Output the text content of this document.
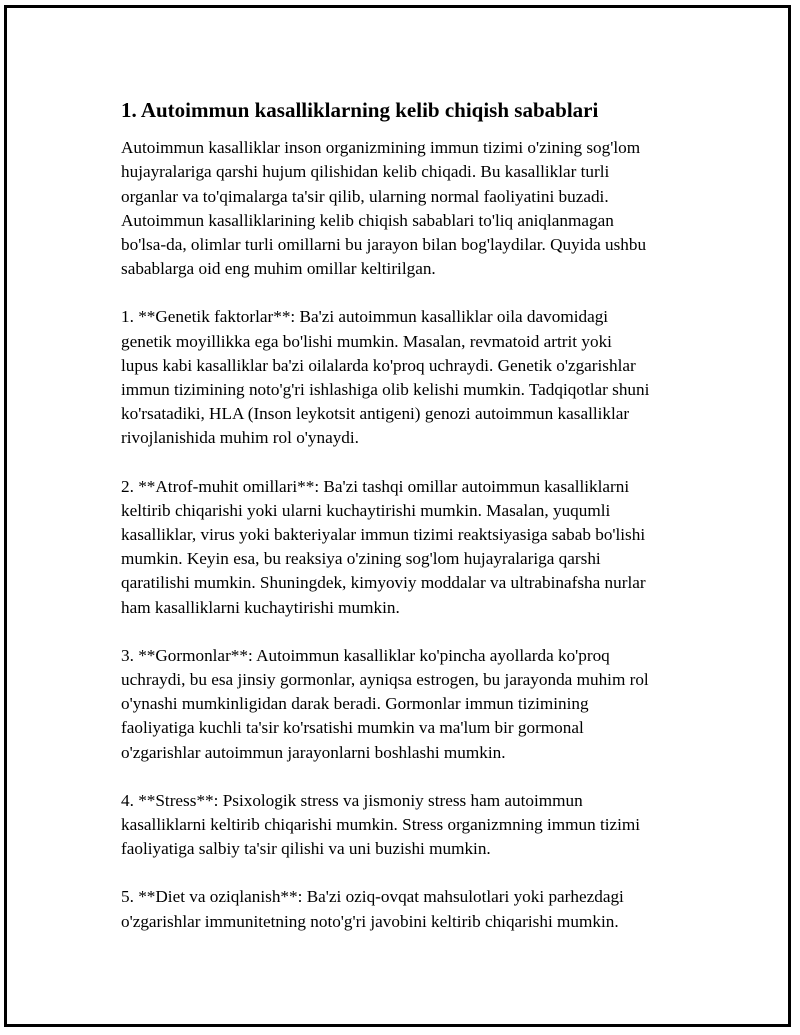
1. Autoimmun kasalliklarning kelib chiqish sabablari

Autoimmun kasalliklar inson organizmining immun tizimi o'zining sog'lom
hujayralariga qarshi hujum qilishidan kelib chiqadi. Bu kasalliklar turli
organlar va to'qimalarga ta'sir qilib, ularning normal faoliyatini buzadi.
Autoimmun kasalliklarining kelib chiqish sabablari to'liq aniqlanmagan
bo'lsa-da, olimlar turli omillarni bu jarayon bilan bog'laydilar. Quyida ushbu
sabablarga oid eng muhim omillar keltirilgan.

1. **Genetik faktorlar**: Ba'zi autoimmun kasalliklar oila davomidagi
genetik moyillikka ega bo'lishi mumkin. Masalan, revmatoid artrit yoki
lupus kabi kasalliklar ba'zi oilalarda ko'proq uchraydi. Genetik o'zgarishlar
immun tizimining noto'g'ri ishlashiga olib kelishi mumkin. Tadqiqotlar shuni
ko'rsatadiki, HLA (Inson leykotsit antigeni) genozi autoimmun kasalliklar
rivojlanishida muhim rol o'ynaydi.

2. **Atrof-muhit omillari**: Ba'zi tashqi omillar autoimmun kasalliklarni
keltirib chiqarishi yoki ularni kuchaytirishi mumkin. Masalan, yuqumli
kasalliklar, virus yoki bakteriyalar immun tizimi reaktsiyasiga sabab bo'lishi
mumkin. Keyin esa, bu reaksiya o'zining sog'lom hujayralariga qarshi
qaratilishi mumkin. Shuningdek, kimyoviy moddalar va ultrabinafsha nurlar
ham kasalliklarni kuchaytirishi mumkin.

3. **Gormonlar**: Autoimmun kasalliklar ko'pincha ayollarda ko'proq
uchraydi, bu esa jinsiy gormonlar, ayniqsa estrogen, bu jarayonda muhim rol
o'ynashi mumkinligidan darak beradi. Gormonlar immun tizimining
faoliyatiga kuchli ta'sir ko'rsatishi mumkin va ma'lum bir gormonal
o'zgarishlar autoimmun jarayonlarni boshlashi mumkin.

4. **Stress**: Psixologik stress va jismoniy stress ham autoimmun
kasalliklarni keltirib chiqarishi mumkin. Stress organizmning immun tizimi
faoliyatiga salbiy ta'sir qilishi va uni buzishi mumkin.

5. **Diet va oziqlanish**: Ba'zi oziq-ovqat mahsulotlari yoki parhezdagi
o'zgarishlar immunitetning noto'g'ri javobini keltirib chiqarishi mumkin.
